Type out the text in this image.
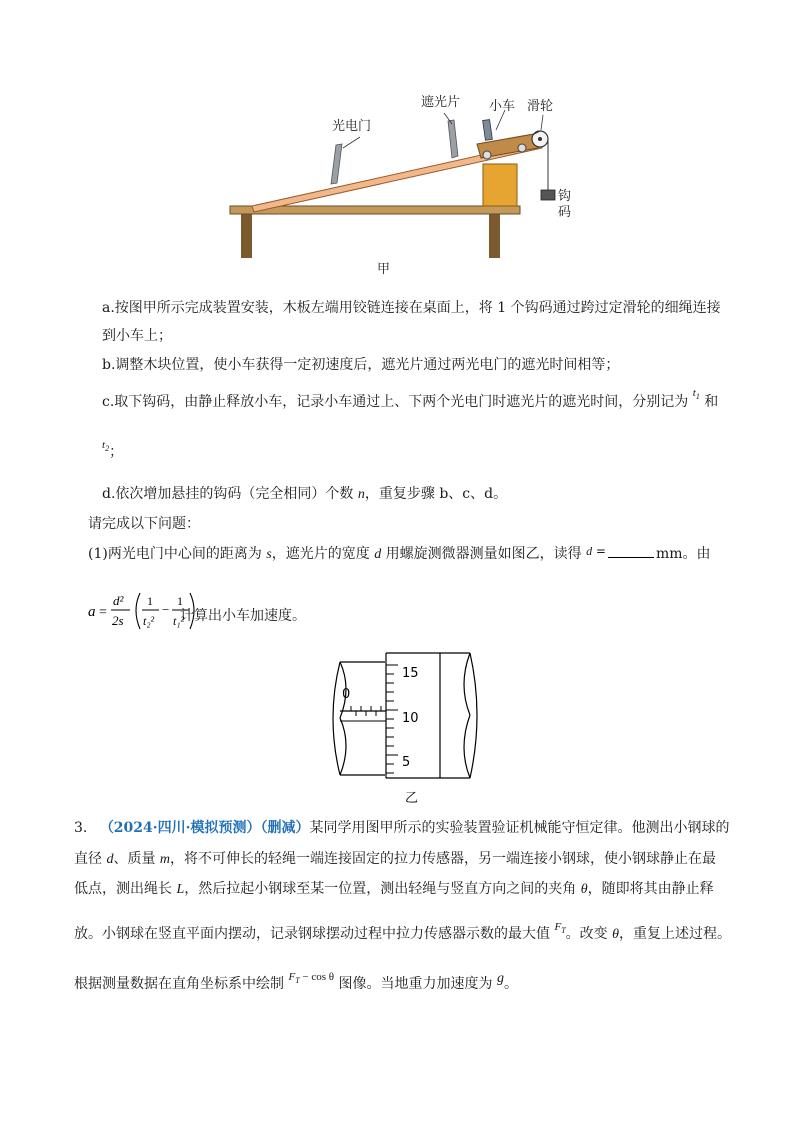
光电门
遮光片 小车 滑轮
钩
码
甲
a.按图甲所示完成装置安装，木板左端用铰链连接在桌面上，将 1 个钩码通过跨过定滑轮的细绳连接
到小车上；
b.调整木块位置，使小车获得一定初速度后，遮光片通过两光电门的遮光时间相等；
c.取下钩码，由静止释放小车，记录小车通过上、下两个光电门时遮光片的遮光时间，分别记为 $^{t_1}$ 和
$^{t_2}$；
d.依次增加悬挂的钩码（完全相同）个数 n，重复步骤 b、c、d。
请完成以下问题：
(1)两光电门中心间的距离为 s，遮光片的宽度 d 用螺旋测微器测量如图乙，读得 d =	mm。由
a =
d²
2s
1
t₂²
−
1
t₁²
计算出小车加速度。
0
15
10
5
乙
3. （2024·四川·模拟预测）（删减）某同学用图甲所示的实验装置验证机械能守恒定律。他测出小钢球的
直径 d、质量 m，将不可伸长的轻绳一端连接固定的拉力传感器，另一端连接小钢球，使小钢球静止在最
低点，测出绳长 L，然后拉起小钢球至某一位置，测出轻绳与竖直方向之间的夹角 θ，随即将其由静止释
放。小钢球在竖直平面内摆动，记录钢球摆动过程中拉力传感器示数的最大值 $^{F_T}$。改变 θ，重复上述过程。
根据测量数据在直角坐标系中绘制 $^{F_T - cos \theta}$ 图像。当地重力加速度为 g。
